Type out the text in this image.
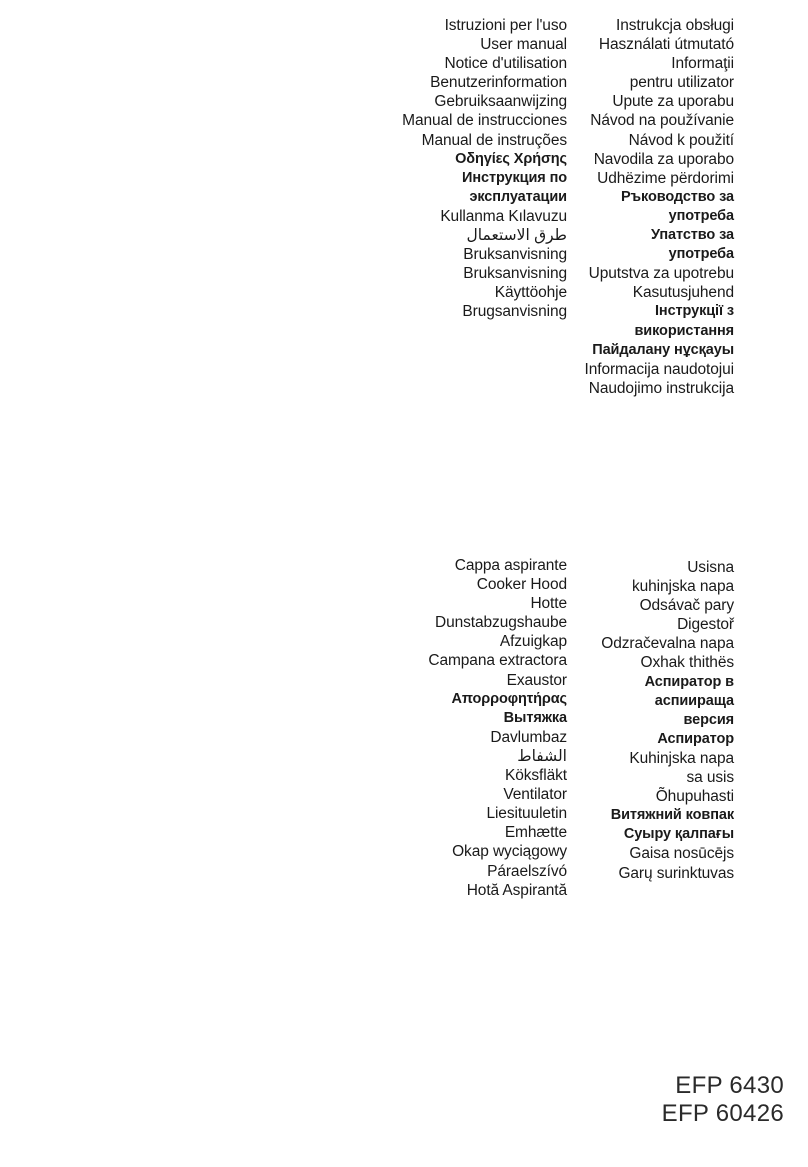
Istruzioni per l'uso
User manual
Notice d'utilisation
Benutzerinformation
Gebruiksaanwijzing
Manual de instrucciones
Manual de instruções
Οδηγίες Χρήσης
Инструкция по
эксплуатации
Kullanma Kılavuzu
طرق الاستعمال
Bruksanvisning
Bruksanvisning
Käyttöohje
Brugsanvisning
Instrukcja obsługi
Használati útmutató
Informaţii
pentru utilizator
Upute za uporabu
Návod na používanie
Návod k použití
Navodila za uporabo
Udhëzime përdorimi
Ръководство за
употреба
Упатство за
употреба
Uputstva za upotrebu
Kasutusjuhend
Інструкції з
використання
Пайдалану нұсқауы
Informacija naudotojui
Naudojimo instrukcija
Cappa aspirante
Cooker Hood
Hotte
Dunstabzugshaube
Afzuigkap
Campana extractora
Exaustor
Απορροφητήρας
Вытяжка
Davlumbaz
الشفاط
Köksfläkt
Ventilator
Liesituuletin
Emhætte
Okap wyciągowy
Páraelszívó
Hotă Aspirantă
Usisna
kuhinjska napa
Odsávač pary
Digestoř
Odzračevalna napa
Oxhak thithës
Аспиратор в
аспиираща
версия
Аспиратор
Kuhinjska napa
sa usis
Õhupuhasti
Витяжний ковпак
Суыру қалпағы
Gaisa nosūcējs
Garų surinktuvas
EFP 6430
EFP 60426
